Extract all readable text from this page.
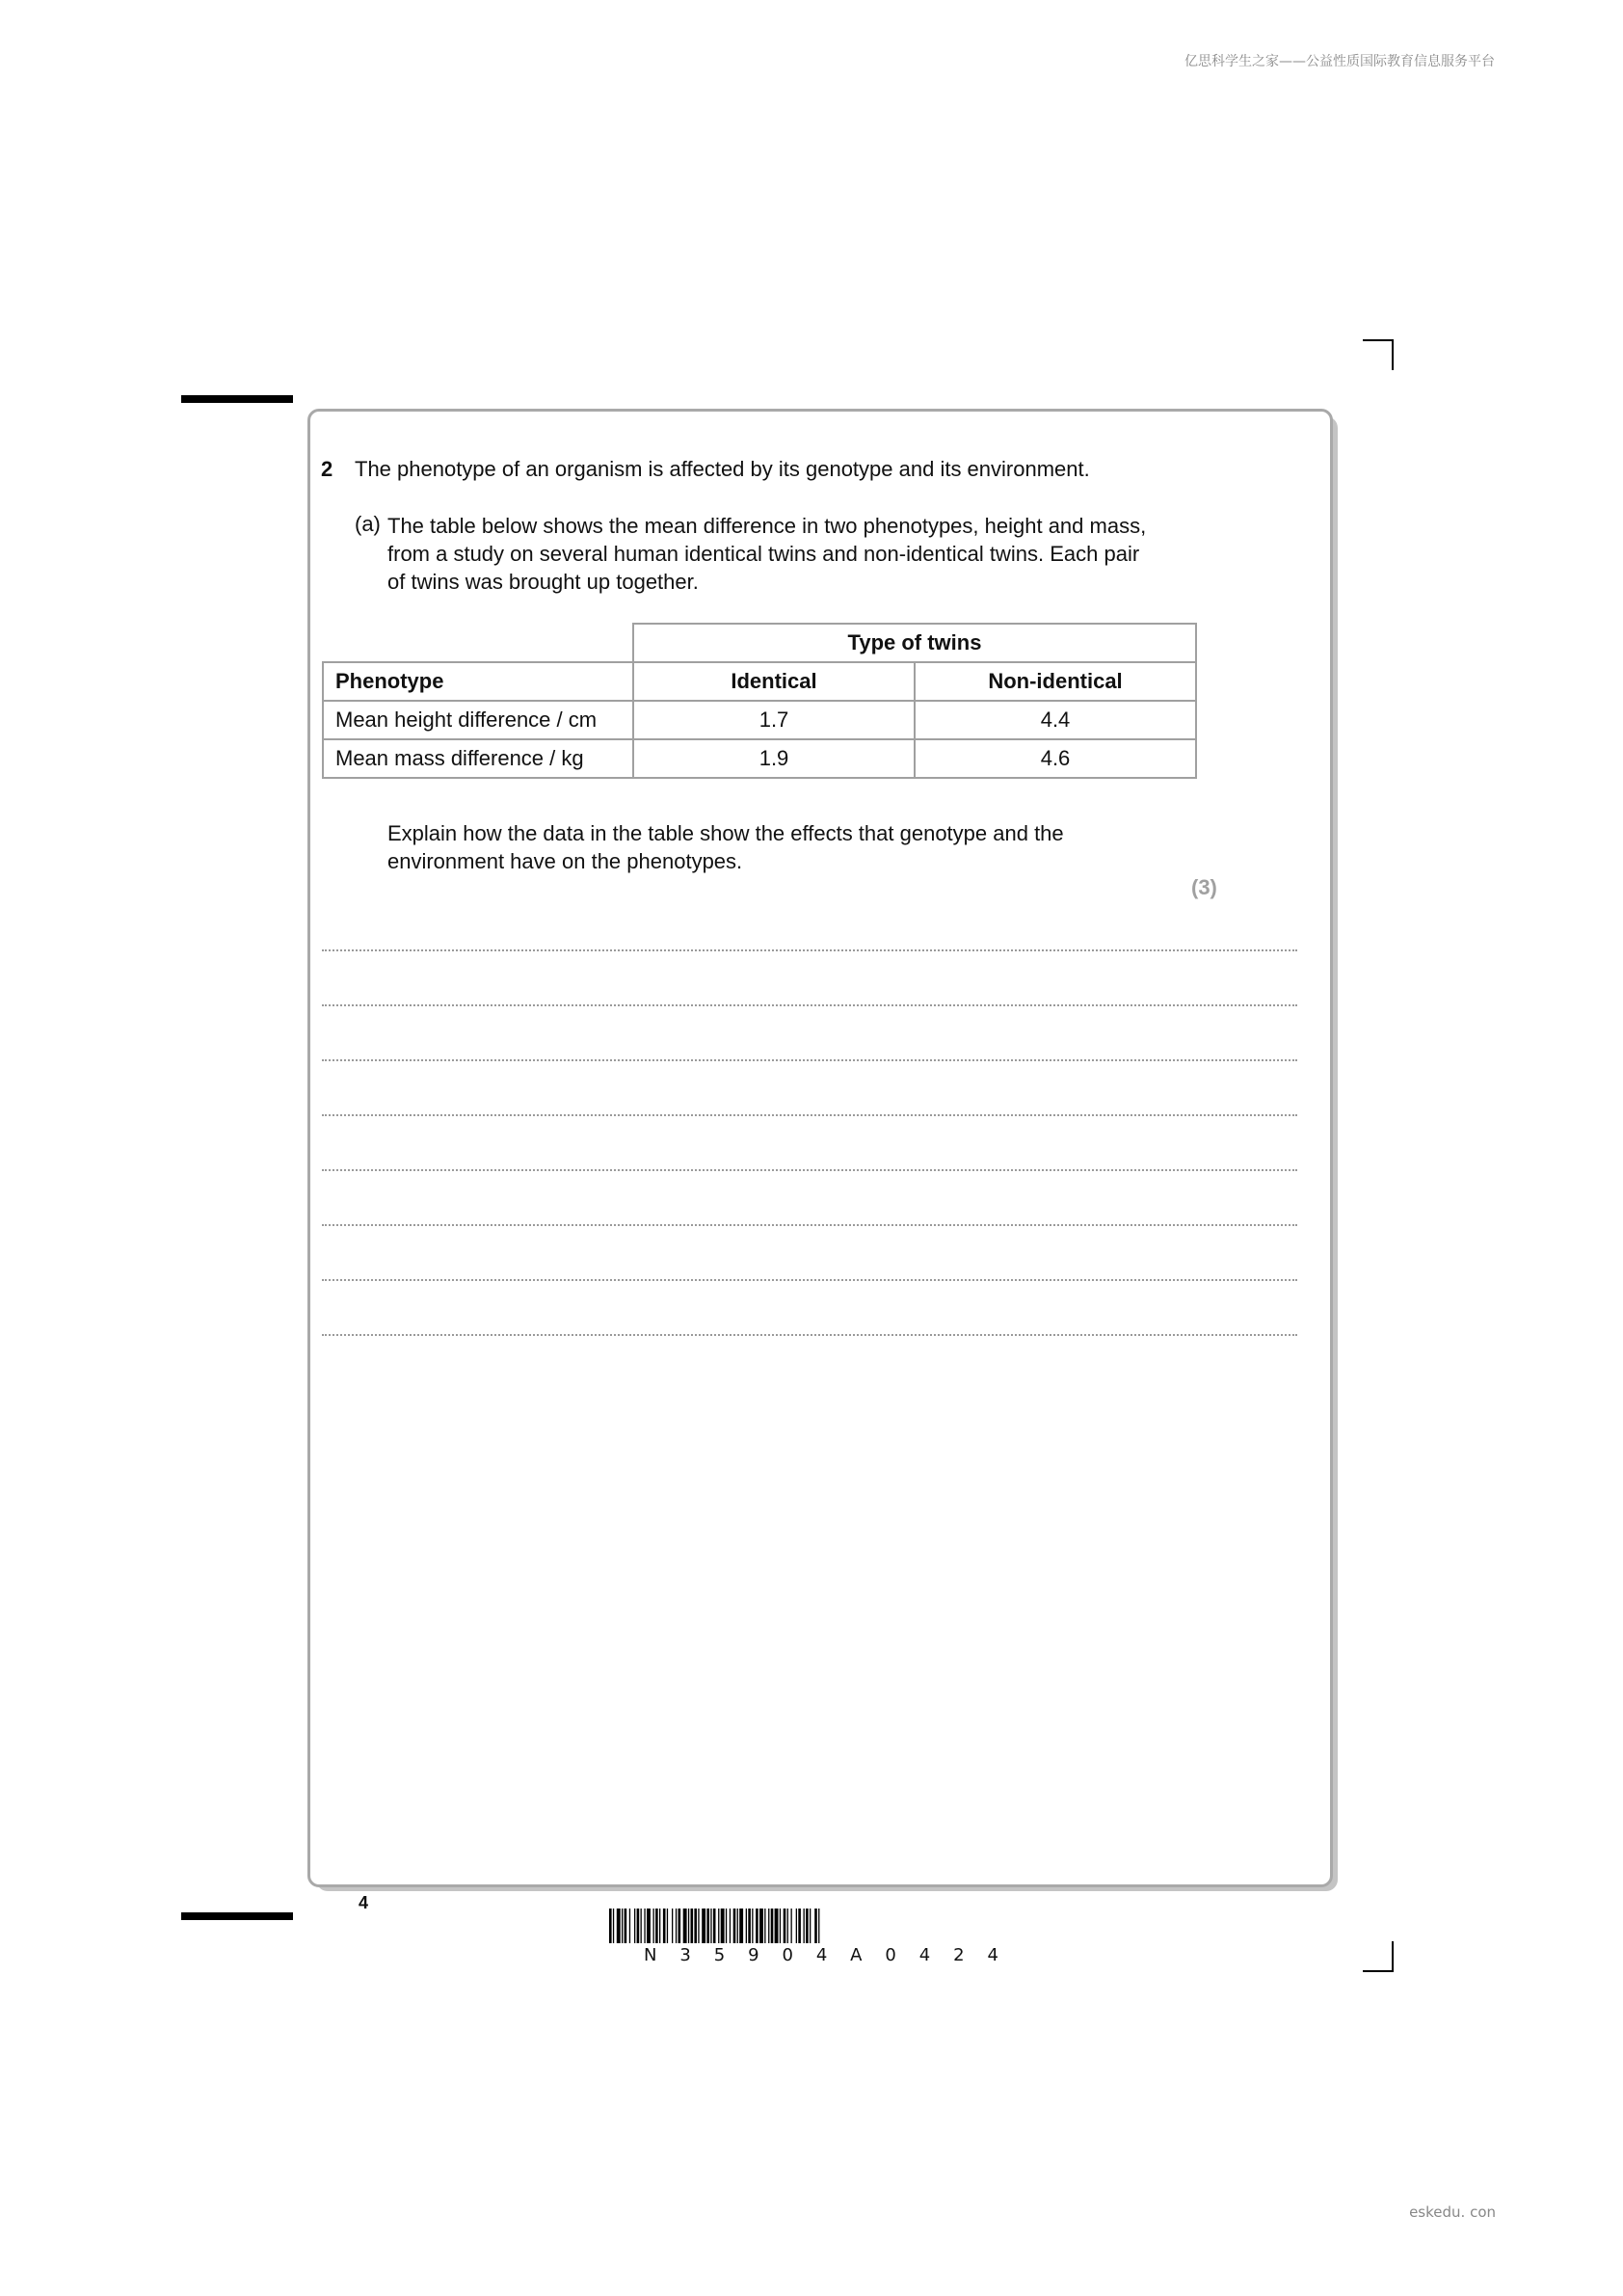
亿思科学生之家——公益性质国际教育信息服务平台
2 The phenotype of an organism is affected by its genotype and its environment.
(a) The table below shows the mean difference in two phenotypes, height and mass,
from a study on several human identical twins and non-identical twins. Each pair
of twins was brought up together.
	Type of twins	
Phenotype	Identical	Non-identical
Mean height difference / cm	1.7	4.4
Mean mass difference / kg	1.9	4.6
Explain how the data in the table show the effects that genotype and the
environment have on the phenotypes.
(3)
4
N 3 5 9 0 4 A 0 4 2 4
eskedu. con
